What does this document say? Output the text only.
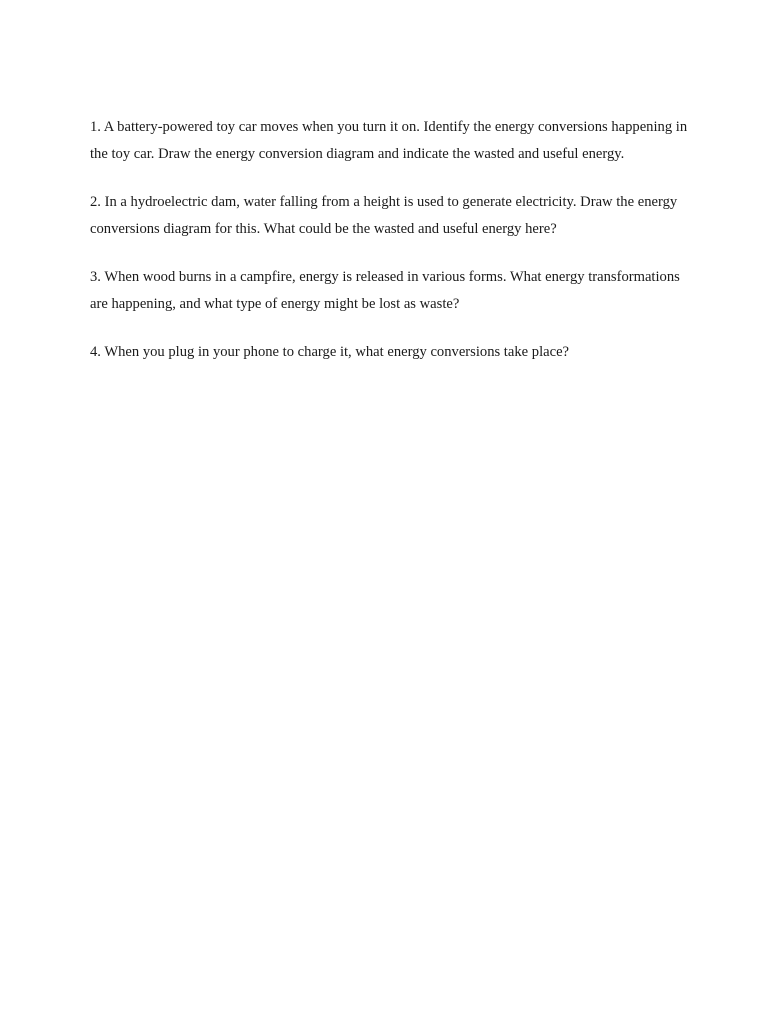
1. A battery-powered toy car moves when you turn it on. Identify the energy conversions happening in the toy car. Draw the energy conversion diagram and indicate the wasted and useful energy.

2. In a hydroelectric dam, water falling from a height is used to generate electricity. Draw the energy conversions diagram for this. What could be the wasted and useful energy here?

3. When wood burns in a campfire, energy is released in various forms. What energy transformations are happening, and what type of energy might be lost as waste?

4. When you plug in your phone to charge it, what energy conversions take place?
